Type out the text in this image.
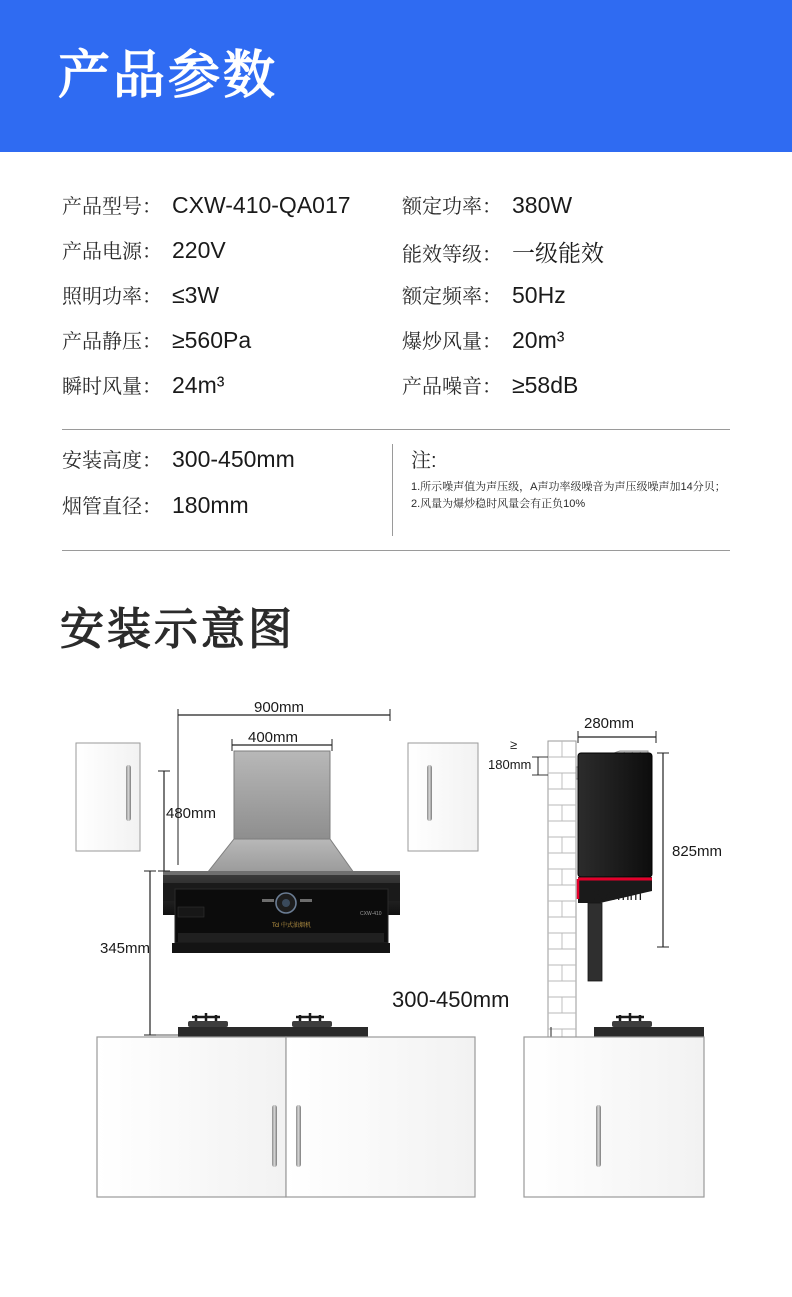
产品参数
产品型号： CXW-410-QA017
产品电源： 220V
照明功率： ≤3W
产品静压： ≥560Pa
瞬时风量： 24m³
额定功率： 380W
能效等级： 一级能效
额定频率： 50Hz
爆炒风量： 20m³
产品噪音： ≥58dB
安装高度： 300-450mm
烟管直径： 180mm
注:
1.所示噪声值为声压级，A声功率级噪音为声压级噪声加14分贝；
2.风量为爆炒稳时风量会有正负10%
安装示意图
Tcl 中式油烟机
CXW-410
900mm
400mm
480mm
345mm
≥
180mm
280mm
350mm
825mm
300-450mm
